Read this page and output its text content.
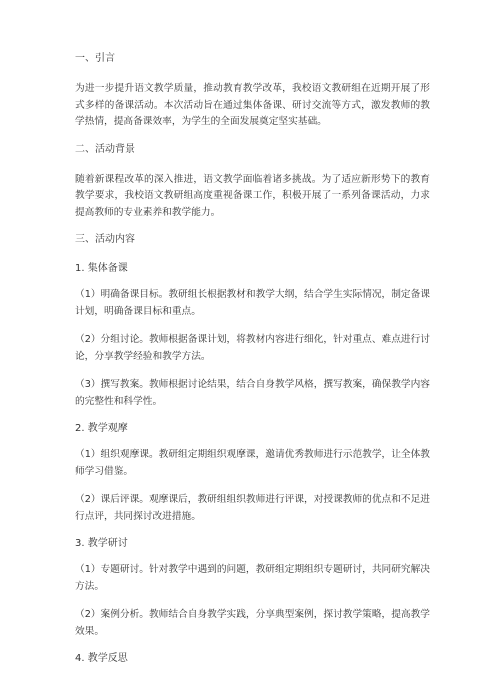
一、引言
为进一步提升语文教学质量，推动教育教学改革，我校语文教研组在近期开展了形式多样的备课活动。本次活动旨在通过集体备课、研讨交流等方式，激发教师的教学热情，提高备课效率，为学生的全面发展奠定坚实基础。
二、活动背景
随着新课程改革的深入推进，语文教学面临着诸多挑战。为了适应新形势下的教育教学要求，我校语文教研组高度重视备课工作，积极开展了一系列备课活动，力求提高教师的专业素养和教学能力。
三、活动内容
1. 集体备课
（1）明确备课目标。教研组长根据教材和教学大纲，结合学生实际情况，制定备课计划，明确备课目标和重点。
（2）分组讨论。教师根据备课计划，将教材内容进行细化，针对重点、难点进行讨论，分享教学经验和教学方法。
（3）撰写教案。教师根据讨论结果，结合自身教学风格，撰写教案，确保教学内容的完整性和科学性。
2. 教学观摩
（1）组织观摩课。教研组定期组织观摩课，邀请优秀教师进行示范教学，让全体教师学习借鉴。
（2）课后评课。观摩课后，教研组组织教师进行评课，对授课教师的优点和不足进行点评，共同探讨改进措施。
3. 教学研讨
（1）专题研讨。针对教学中遇到的问题，教研组定期组织专题研讨，共同研究解决方法。
（2）案例分析。教师结合自身教学实践，分享典型案例，探讨教学策略，提高教学效果。
4. 教学反思
